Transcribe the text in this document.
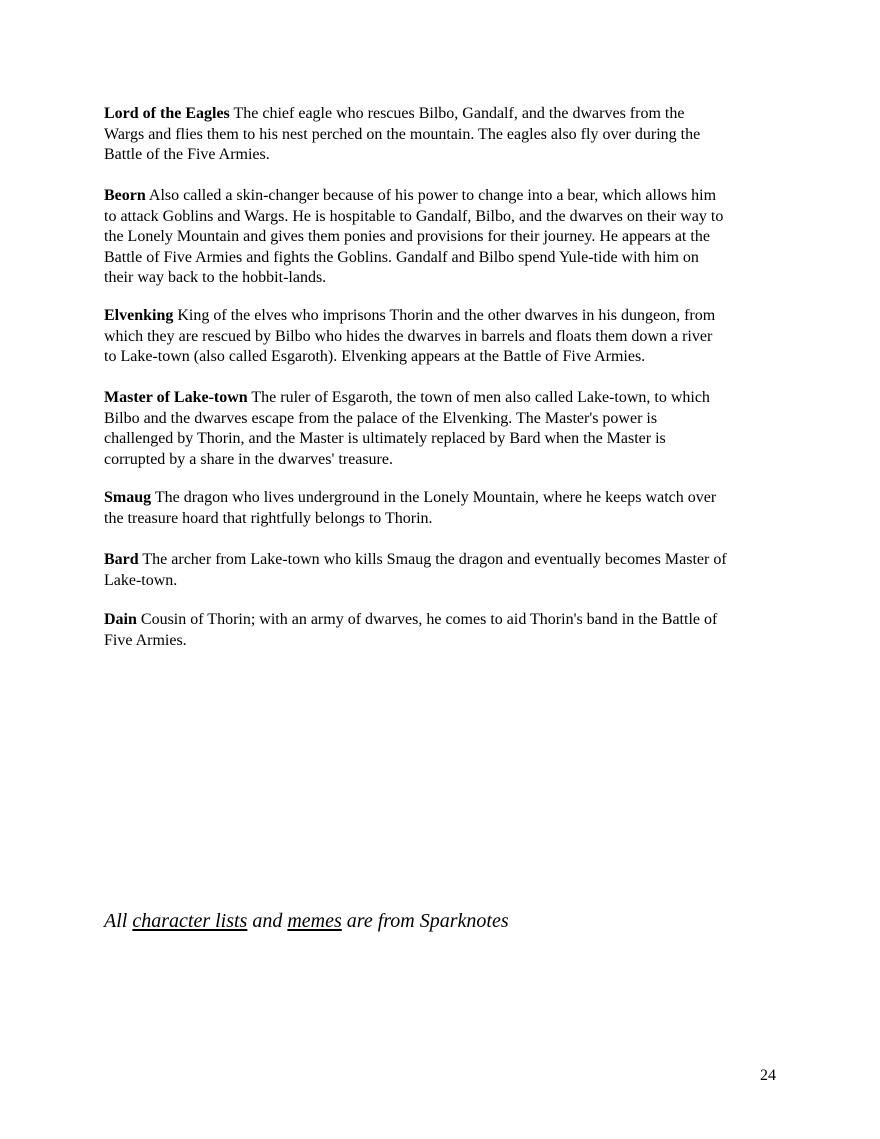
Lord of the Eagles The chief eagle who rescues Bilbo, Gandalf, and the dwarves from the
Wargs and flies them to his nest perched on the mountain. The eagles also fly over during the
Battle of the Five Armies.
Beorn Also called a skin-changer because of his power to change into a bear, which allows him
to attack Goblins and Wargs. He is hospitable to Gandalf, Bilbo, and the dwarves on their way to
the Lonely Mountain and gives them ponies and provisions for their journey. He appears at the
Battle of Five Armies and fights the Goblins. Gandalf and Bilbo spend Yule-tide with him on
their way back to the hobbit-lands.
Elvenking King of the elves who imprisons Thorin and the other dwarves in his dungeon, from
which they are rescued by Bilbo who hides the dwarves in barrels and floats them down a river
to Lake-town (also called Esgaroth). Elvenking appears at the Battle of Five Armies.
Master of Lake-town The ruler of Esgaroth, the town of men also called Lake-town, to which
Bilbo and the dwarves escape from the palace of the Elvenking. The Master's power is
challenged by Thorin, and the Master is ultimately replaced by Bard when the Master is
corrupted by a share in the dwarves' treasure.
Smaug The dragon who lives underground in the Lonely Mountain, where he keeps watch over
the treasure hoard that rightfully belongs to Thorin.
Bard The archer from Lake-town who kills Smaug the dragon and eventually becomes Master of
Lake-town.
Dain Cousin of Thorin; with an army of dwarves, he comes to aid Thorin's band in the Battle of
Five Armies.
All character lists and memes are from Sparknotes
24
